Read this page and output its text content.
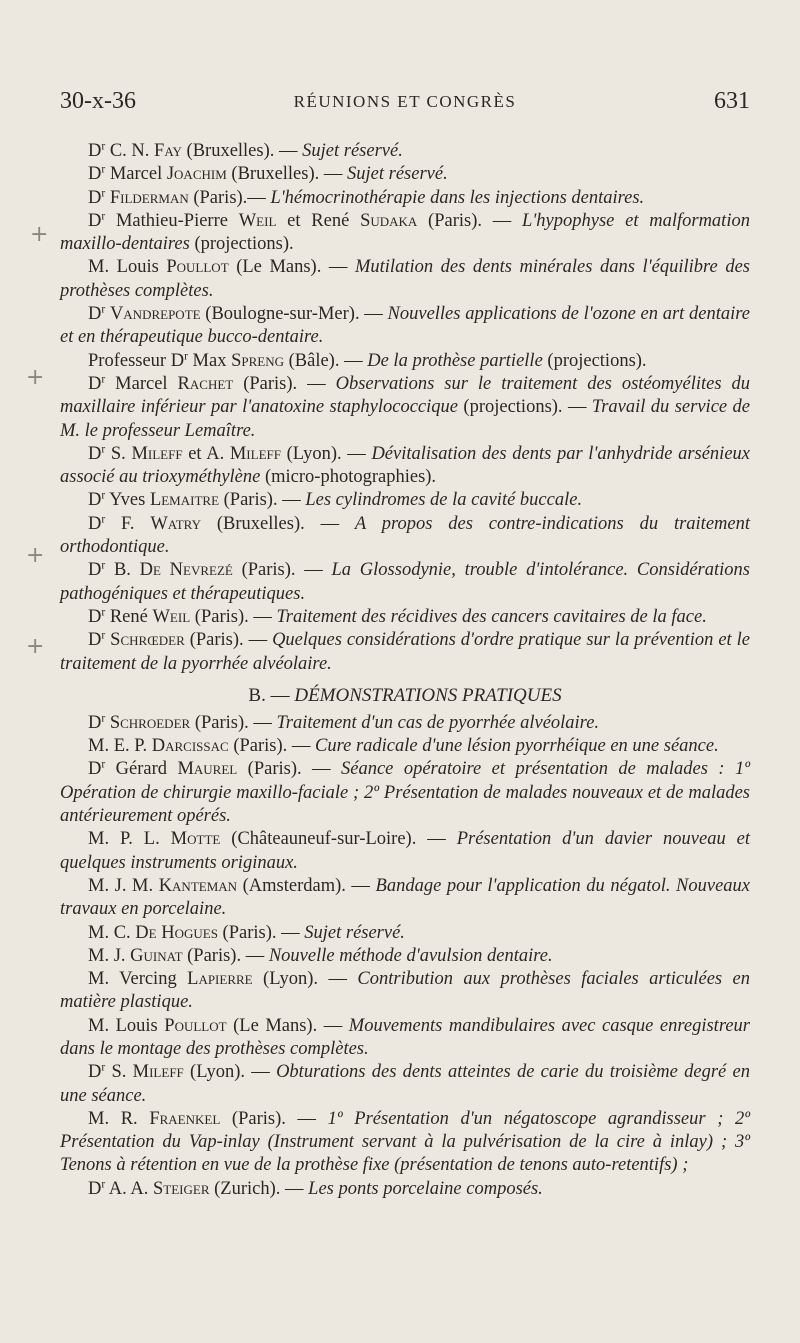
30-x-36	RÉUNIONS ET CONGRÈS	631
+
+
+
+

$D^r$ C. N. Fay (Bruxelles). — Sujet réservé.

$D^r$ Marcel Joachim (Bruxelles). — Sujet réservé.

$D^r$ Filderman (Paris).— L'hémocrinothérapie dans les injections dentaires.

$D^r$ Mathieu-Pierre Weil et René Sudaka (Paris). — L'hypophyse et malformation maxillo-dentaires (projections).

M. Louis Poullot (Le Mans). — Mutilation des dents minérales dans l'équilibre des prothèses complètes.

$D^r$ Vandrepote (Boulogne-sur-Mer). — Nouvelles applications de l'ozone en art dentaire et en thérapeutique bucco-dentaire.

Professeur $D^r$ Max Spreng (Bâle). — De la prothèse partielle (projections).

$D^r$ Marcel Rachet (Paris). — Observations sur le traitement des ostéomyélites du maxillaire inférieur par l'anatoxine staphylococcique (projections). — Travail du service de M. le professeur Lemaître.

$D^r$ S. Mileff et A. Mileff (Lyon). — Dévitalisation des dents par l'anhydride arsénieux associé au trioxyméthylène (micro-photographies).

$D^r$ Yves Lemaitre (Paris). — Les cylindromes de la cavité buccale.

$D^r$ F. Watry (Bruxelles). — A propos des contre-indications du traitement orthodontique.

$D^r$ B. De Nevrezé (Paris). — La Glossodynie, trouble d'intolérance. Considérations pathogéniques et thérapeutiques.

$D^r$ René Weil (Paris). — Traitement des récidives des cancers cavitaires de la face.

$D^r$ Schrœder (Paris). — Quelques considérations d'ordre pratique sur la prévention et le traitement de la pyorrhée alvéolaire.

B. — DÉMONSTRATIONS PRATIQUES

$D^r$ Schroeder (Paris). — Traitement d'un cas de pyorrhée alvéolaire.

M. E. P. Darcissac (Paris). — Cure radicale d'une lésion pyorrhéique en une séance.

$D^r$ Gérard Maurel (Paris). — Séance opératoire et présentation de malades : 1º Opération de chirurgie maxillo-faciale ; 2º Présentation de malades nouveaux et de malades antérieurement opérés.

M. P. L. Motte (Châteauneuf-sur-Loire). — Présentation d'un davier nouveau et quelques instruments originaux.

M. J. M. Kanteman (Amsterdam). — Bandage pour l'application du négatol. Nouveaux travaux en porcelaine.

M. C. De Hogues (Paris). — Sujet réservé.

M. J. Guinat (Paris). — Nouvelle méthode d'avulsion dentaire.

M. Vercing Lapierre (Lyon). — Contribution aux prothèses faciales articulées en matière plastique.

M. Louis Poullot (Le Mans). — Mouvements mandibulaires avec casque enregistreur dans le montage des prothèses complètes.

$D^r$ S. Mileff (Lyon). — Obturations des dents atteintes de carie du troisième degré en une séance.

M. R. Fraenkel (Paris). — 1º Présentation d'un négatoscope agrandisseur ; 2º Présentation du Vap-inlay (Instrument servant à la pulvérisation de la cire à inlay) ; 3º Tenons à rétention en vue de la prothèse fixe (présentation de tenons auto-retentifs) ;

$D^r$ A. A. Steiger (Zurich). — Les ponts porcelaine composés.
